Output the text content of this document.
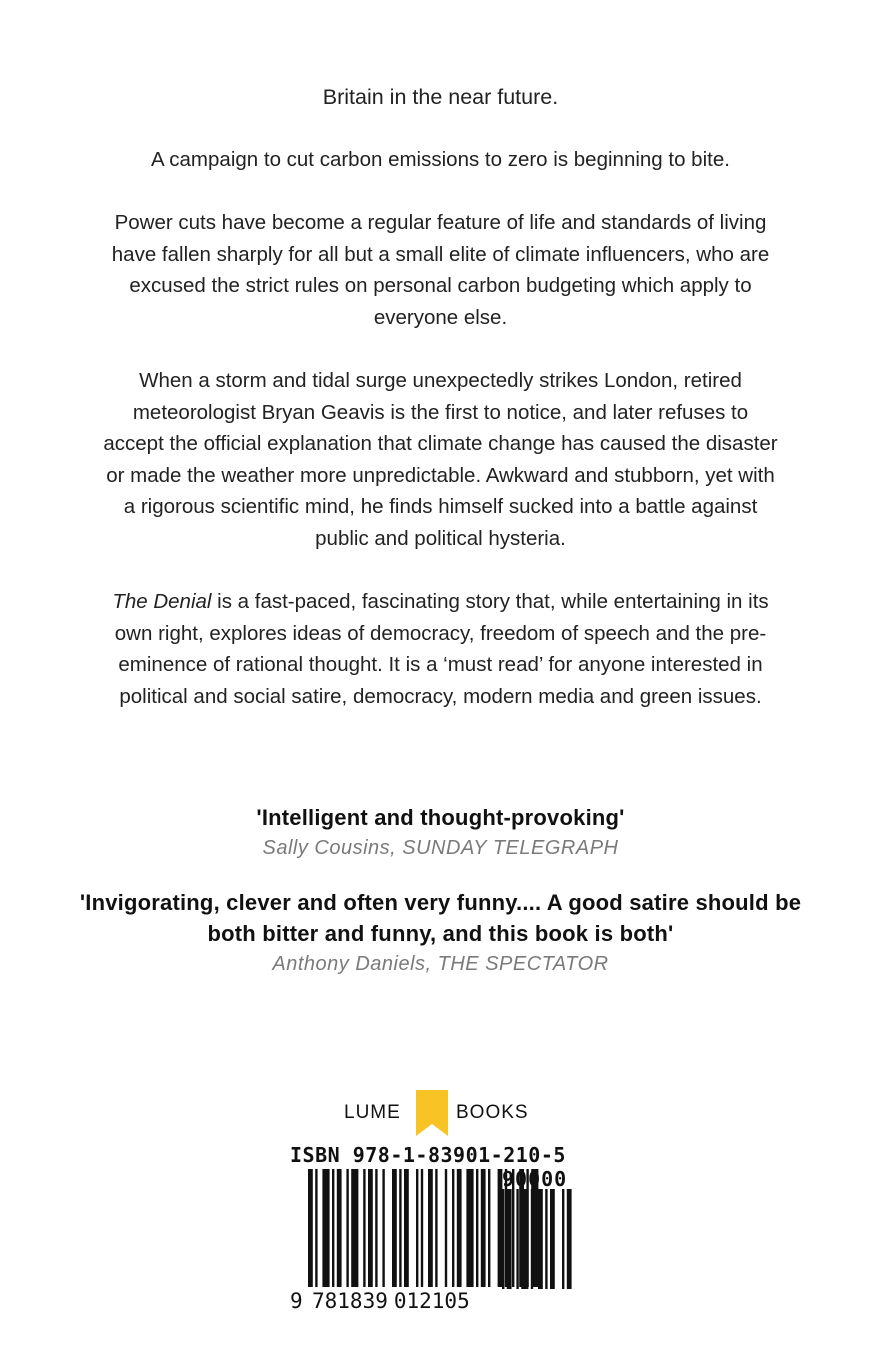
Britain in the near future.

A campaign to cut carbon emissions to zero is beginning to bite.

Power cuts have become a regular feature of life and standards of living have fallen sharply for all but a small elite of climate influencers, who are excused the strict rules on personal carbon budgeting which apply to everyone else.

When a storm and tidal surge unexpectedly strikes London, retired meteorologist Bryan Geavis is the first to notice, and later refuses to accept the official explanation that climate change has caused the disaster or made the weather more unpredictable. Awkward and stubborn, yet with a rigorous scientific mind, he finds himself sucked into a battle against public and political hysteria.

The Denial is a fast-paced, fascinating story that, while entertaining in its own right, explores ideas of democracy, freedom of speech and the pre-eminence of rational thought. It is a ‘must read’ for anyone interested in political and social satire, democracy, modern media and green issues.

'Intelligent and thought-provoking'
Sally Cousins, SUNDAY TELEGRAPH
'Invigorating, clever and often very funny.... A good satire should be both bitter and funny, and this book is both'
Anthony Daniels, THE SPECTATOR
LUME	BOOKS
ISBN 978-1-83901-210-5
90000
9 781839 012105
